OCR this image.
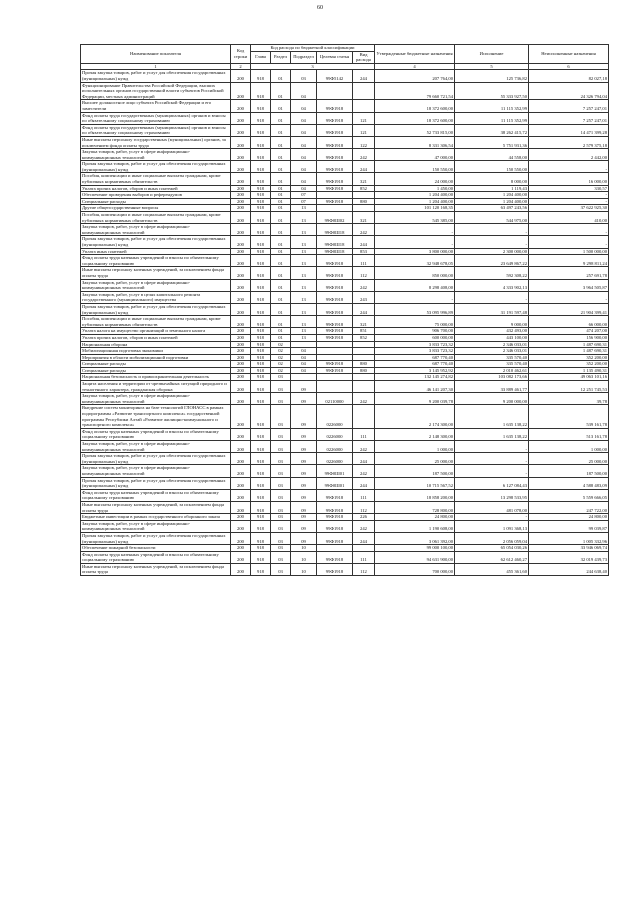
60
Наименование показателя	Код строки	Код расхода по бюджетной классификации					Утвержденные бюджетные назначения	Исполнение	Неисполненные назначения
		Глава	Раздел	Подраздел	Целевая статья	Вид расхода			
1	2	3					4	5	6
Прочая закупка товаров, работ и услуг для обеспечения государственных (муниципальных) нужд	200	918	01	03	99Ф5142	244	207 764,00	125 736,82	82 027,18
Функционирование Правительства Российской Федерации, высших исполнительных органов государственной власти субъектов Российской Федерации, местных администраций	200	918	01	04			79 660 721,54	55 333 927,50	24 326 794,04
Высшее должностное лицо субъекта Российской Федерации и его заместители	200	918	01	04	99Ф1918		18 372 600,00	11 115 352,99	7 257 247,01
Фонд оплаты труда государственных (муниципальных) органов и взносы по обязательному социальному страхованию	200	918	01	04	99Ф1918	121	18 372 600,00	11 115 352,99	7 257 247,01
Фонд оплаты труда государственных (муниципальных) органов и взносы по обязательному социальному страхованию	200	918	01	04	99Ф1918	121	52 733 815,00	38 262 415,72	14 471 399,28
Иные выплаты персоналу государственных (муниципальных) органов, за исключением фонда оплаты труда	200	918	01	04	99Ф1918	122	8 331 306,54	5 751 931,36	2 579 375,18
Закупка товаров, работ, услуг в сфере информационно-коммуникационных технологий	200	918	01	04	99Ф1918	242	47 000,00	44 558,00	2 442,00
Прочая закупка товаров, работ и услуг для обеспечения государственных (муниципальных) нужд	200	918	01	04	99Ф1918	244	150 550,00	150 550,00	-
Пособия, компенсации и иные социальные выплаты гражданам, кроме публичных нормативных обязательств	200	918	01	04	99Ф1918	321	24 000,00	8 000,00	16 000,00
Уплата прочих налогов, сборов и иных платежей	200	918	01	04	99Ф1918	852	1 450,00	1 119,43	330,57
Обеспечение проведения выборов и референдумов	200	918	01	07			1 204 400,00	1 204 400,00	-
Специальные расходы	200	918	01	07	99Ф1918	880	1 204 400,00	1 204 400,00	-
Другие общегосударственные вопросы	200	918	01	13			101 120 168,35	63 497 243,56	37 622 925,30
Пособия, компенсации и иные социальные выплаты гражданам, кроме публичных нормативных обязательств	200	918	01	13	99Ф0Ш02	321	545 385,00	544 975,00	410,00
Закупка товаров, работ, услуг в сфере информационно-коммуникационных технологий	200	918	01	13	99Ф0Ш18	242	-	-	-
Прочая закупка товаров, работ и услуг для обеспечения государственных (муниципальных) нужд	200	918	01	13	99Ф0Ш18	244	-	-	-
Уплата иных платежей	200	918	01	13	99Ф0Ш18	853	3 800 000,00	2 300 000,00	1 500 000,00
Фонд оплаты труда казенных учреждений и взносы по обязательному социальному страхованию	200	918	01	13	99Ф1918	111	32 948 678,05	23 649 867,22	9 298 811,24
Иные выплаты персоналу казенных учреждений, за исключением фонда оплаты труда	200	918	01	13	99Ф1918	112	850 000,00	592 308,22	257 691,78
Закупка товаров, работ, услуг в сфере информационно-коммуникационных технологий	200	918	01	13	99Ф1918	242	8 298 408,00	4 333 902,13	3 964 505,87
Закупка товаров, работ, услуг в целях капитального ремонта государственного (муниципального) имущества	200	918	01	13	99Ф1918	243	-	-	-
Прочая закупка товаров, работ и услуг для обеспечения государственных (муниципальных) нужд	200	918	01	13	99Ф1918	244	53 095 996,89	31 191 597,48	21 904 399,41
Пособия, компенсации и иные социальные выплаты гражданам, кроме публичных нормативных обязательств	200	918	01	13	99Ф1918	321	75 000,00	9 000,00	66 000,00
Уплата налога на имущество организаций и земельного налога	200	918	01	13	99Ф1918	851	906 700,00	432 493,00	474 207,00
Уплата прочих налогов, сборов и иных платежей	200	918	01	13	99Ф1918	852	600 000,00	443 100,00	156 900,00
Национальная оборона	200	918	02				3 833 723,32	2 346 033,01	1 487 690,31
Мобилизационная подготовка экономики	200	918	02	04			3 833 723,32	2 346 033,01	1 487 690,31
Мероприятия в области мобилизационной подготовки	200	918	02	04			687 770,40	335 570,40	352 200,00
Специальные расходы	200	918	02	04	99Ф1918	880	687 770,40	335 570,40	352 200,00
Специальные расходы	200	918	02	04	99Ф1918	880	3 145 952,92	2 010 462,61	1 135 490,31
Национальная безопасность и правоохранительная деятельность	200	918	03				132 145 274,82	103 082 173,66	49 063 101,16
Защита населения и территории от чрезвычайных ситуаций природного и техногенного характера, гражданская оборона	200	918	03	09			46 141 207,30	33 889 461,77	12 251 745,53
Закупка товаров, работ, услуг в сфере информационно-коммуникационных технологий	200	918	03	09	02110000	242	9 200 039,78	9 200 000,00	39,78
Внедрение систем мониторинга на базе технологий ГЛОНАСС в рамках подпрограммы «Развитие транспортного комплекса» государственной программы Республики Алтай «Развитие жилищно-коммунального и транспортного комплекса»	200	918	03	09	0226000		2 174 300,00	1 635 138,22	539 161,78
Фонд оплаты труда казенных учреждений и взносы по обязательному социальному страхованию	200	918	03	09	0226000	111	2 148 300,00	1 635 138,22	513 161,78
Закупка товаров, работ, услуг в сфере информационно-коммуникационных технологий	200	918	03	09	0226000	242	1 000,00	-	1 000,00
Прочая закупка товаров, работ и услуг для обеспечения государственных (муниципальных) нужд	200	918	03	09	0226000	244	25 000,00	-	25 000,00
Закупка товаров, работ, услуг в сфере информационно-коммуникационных технологий	200	918	03	09	99Ф0Ш01	242	187 500,00	-	187 500,00
Прочая закупка товаров, работ и услуг для обеспечения государственных (муниципальных) нужд	200	918	03	09	99Ф0Ш01	244	10 715 567,52	6 127 084,43	4 588 483,09
Фонд оплаты труда казенных учреждений и взносы по обязательному социальному страхованию	200	918	03	09	99Ф1918	111	18 858 200,00	13 298 533,95	5 559 666,05
Иные выплаты персоналу казенных учреждений, за исключением фонда оплаты труда	200	918	03	09	99Ф1918	112	728 800,00	481 078,00	247 722,00
Бюджетные инвестиции в рамках государственного оборонного заказа	200	918	03	09	99Ф1918	226	24 800,00	-	24 800,00
Закупка товаров, работ, услуг в сфере информационно-коммуникационных технологий	200	918	03	09	99Ф1918	242	1 190 608,00	1 091 368,13	99 039,87
Прочая закупка товаров, работ и услуг для обеспечения государственных (муниципальных) нужд	200	918	03	09	99Ф1918	244	3 061 392,00	2 056 059,04	1 005 332,96
Обеспечение пожарной безопасности	200	918	03	10			99 000 100,00	65 054 030,26	33 946 069,74
Фонд оплаты труда казенных учреждений и взносы по обязательному социальному страхованию	200	918	03	10	99Ф1918	111	94 631 900,00	62 612 460,27	32 019 439,73
Иные выплаты персоналу казенных учреждений, за исключением фонда оплаты труда	200	918	03	10	99Ф1918	112	700 000,00	455 361,60	244 638,40
